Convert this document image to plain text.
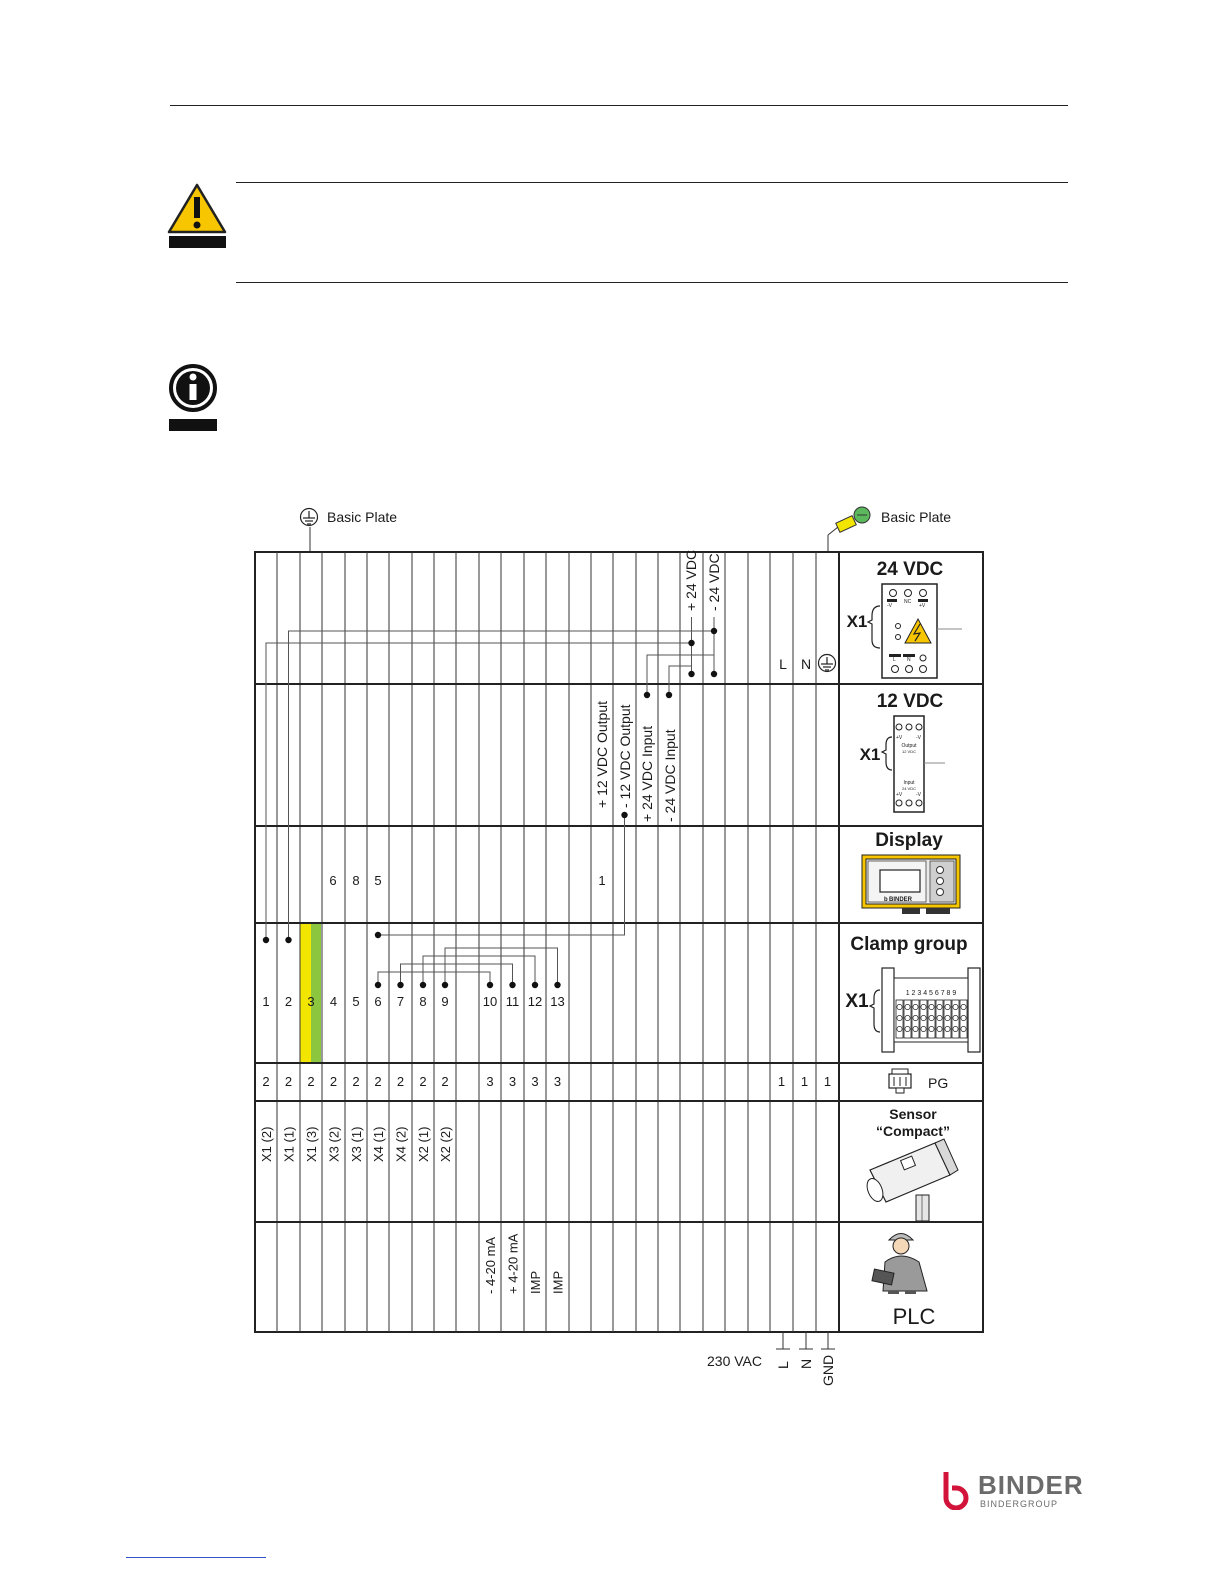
Basic Plate	Basic Plate
+ 24 VDC - 24 VDC
L N
+ 12 VDC Output - 12 VDC Output + 24 VDC Input - 24 VDC Input
6 8 5	1
1 2 3 4 5 6 7 8 9	10 11 12 13
2 2 2 2 2 2 2 2 2	3 3 3 3	1 1 1
X1 (2) X1 (1) X1 (3) X3 (2) X3 (1) X4 (1) X4 (2) X2 (1) X2 (2)
- 4-20 mA + 4-20 mA IMP IMP
230 VAC L N GND
24 VDC
-V
NC
+V
L N
X1
12 VDC
+V	-V
Output
12 VDC
Input
24 VDC
+V	-V
X1
Display
b BINDER
Clamp group
1 2 3 4 5 6 7 8 9
X1
PG
Sensor
“Compact”
PLC
BINDER
BINDERGROUP
